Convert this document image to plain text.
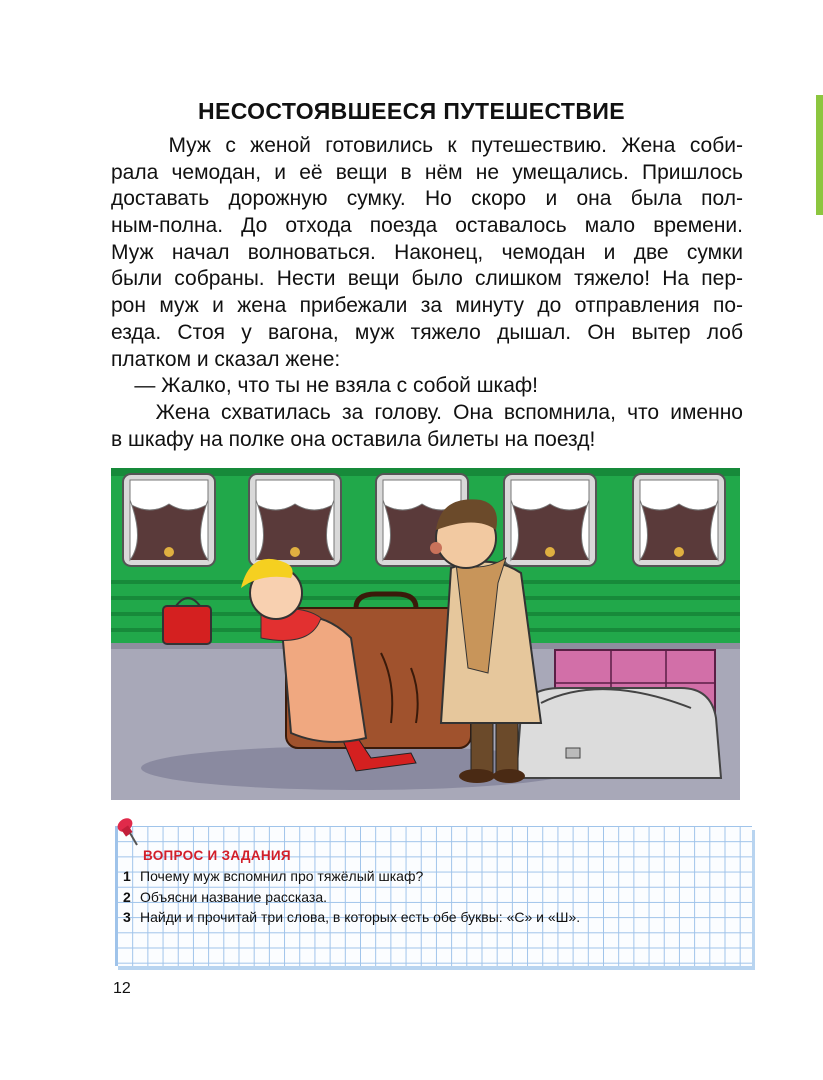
НЕСОСТОЯВШЕЕСЯ ПУТЕШЕСТВИЕ
Муж с женой готовились к путешествию. Жена соби-
рала чемодан, и её вещи в нём не умещались. Пришлось
доставать дорожную сумку. Но скоро и она была пол-
ным-полна. До отхода поезда оставалось мало времени.
Муж начал волноваться. Наконец, чемодан и две сумки
были собраны. Нести вещи было слишком тяжело! На пер-
рон муж и жена прибежали за минуту до отправления по-
езда. Стоя у вагона, муж тяжело дышал. Он вытер лоб
платком и сказал жене:
— Жалко, что ты не взяла с собой шкаф!
Жена схватилась за голову. Она вспомнила, что именно
в шкафу на полке она оставила билеты на поезд!
ВОПРОС И ЗАДАНИЯ
1 Почему муж вспомнил про тяжёлый шкаф?
2 Объясни название рассказа.
3 Найди и прочитай три слова, в которых есть обе буквы: «С» и «Ш».
12
